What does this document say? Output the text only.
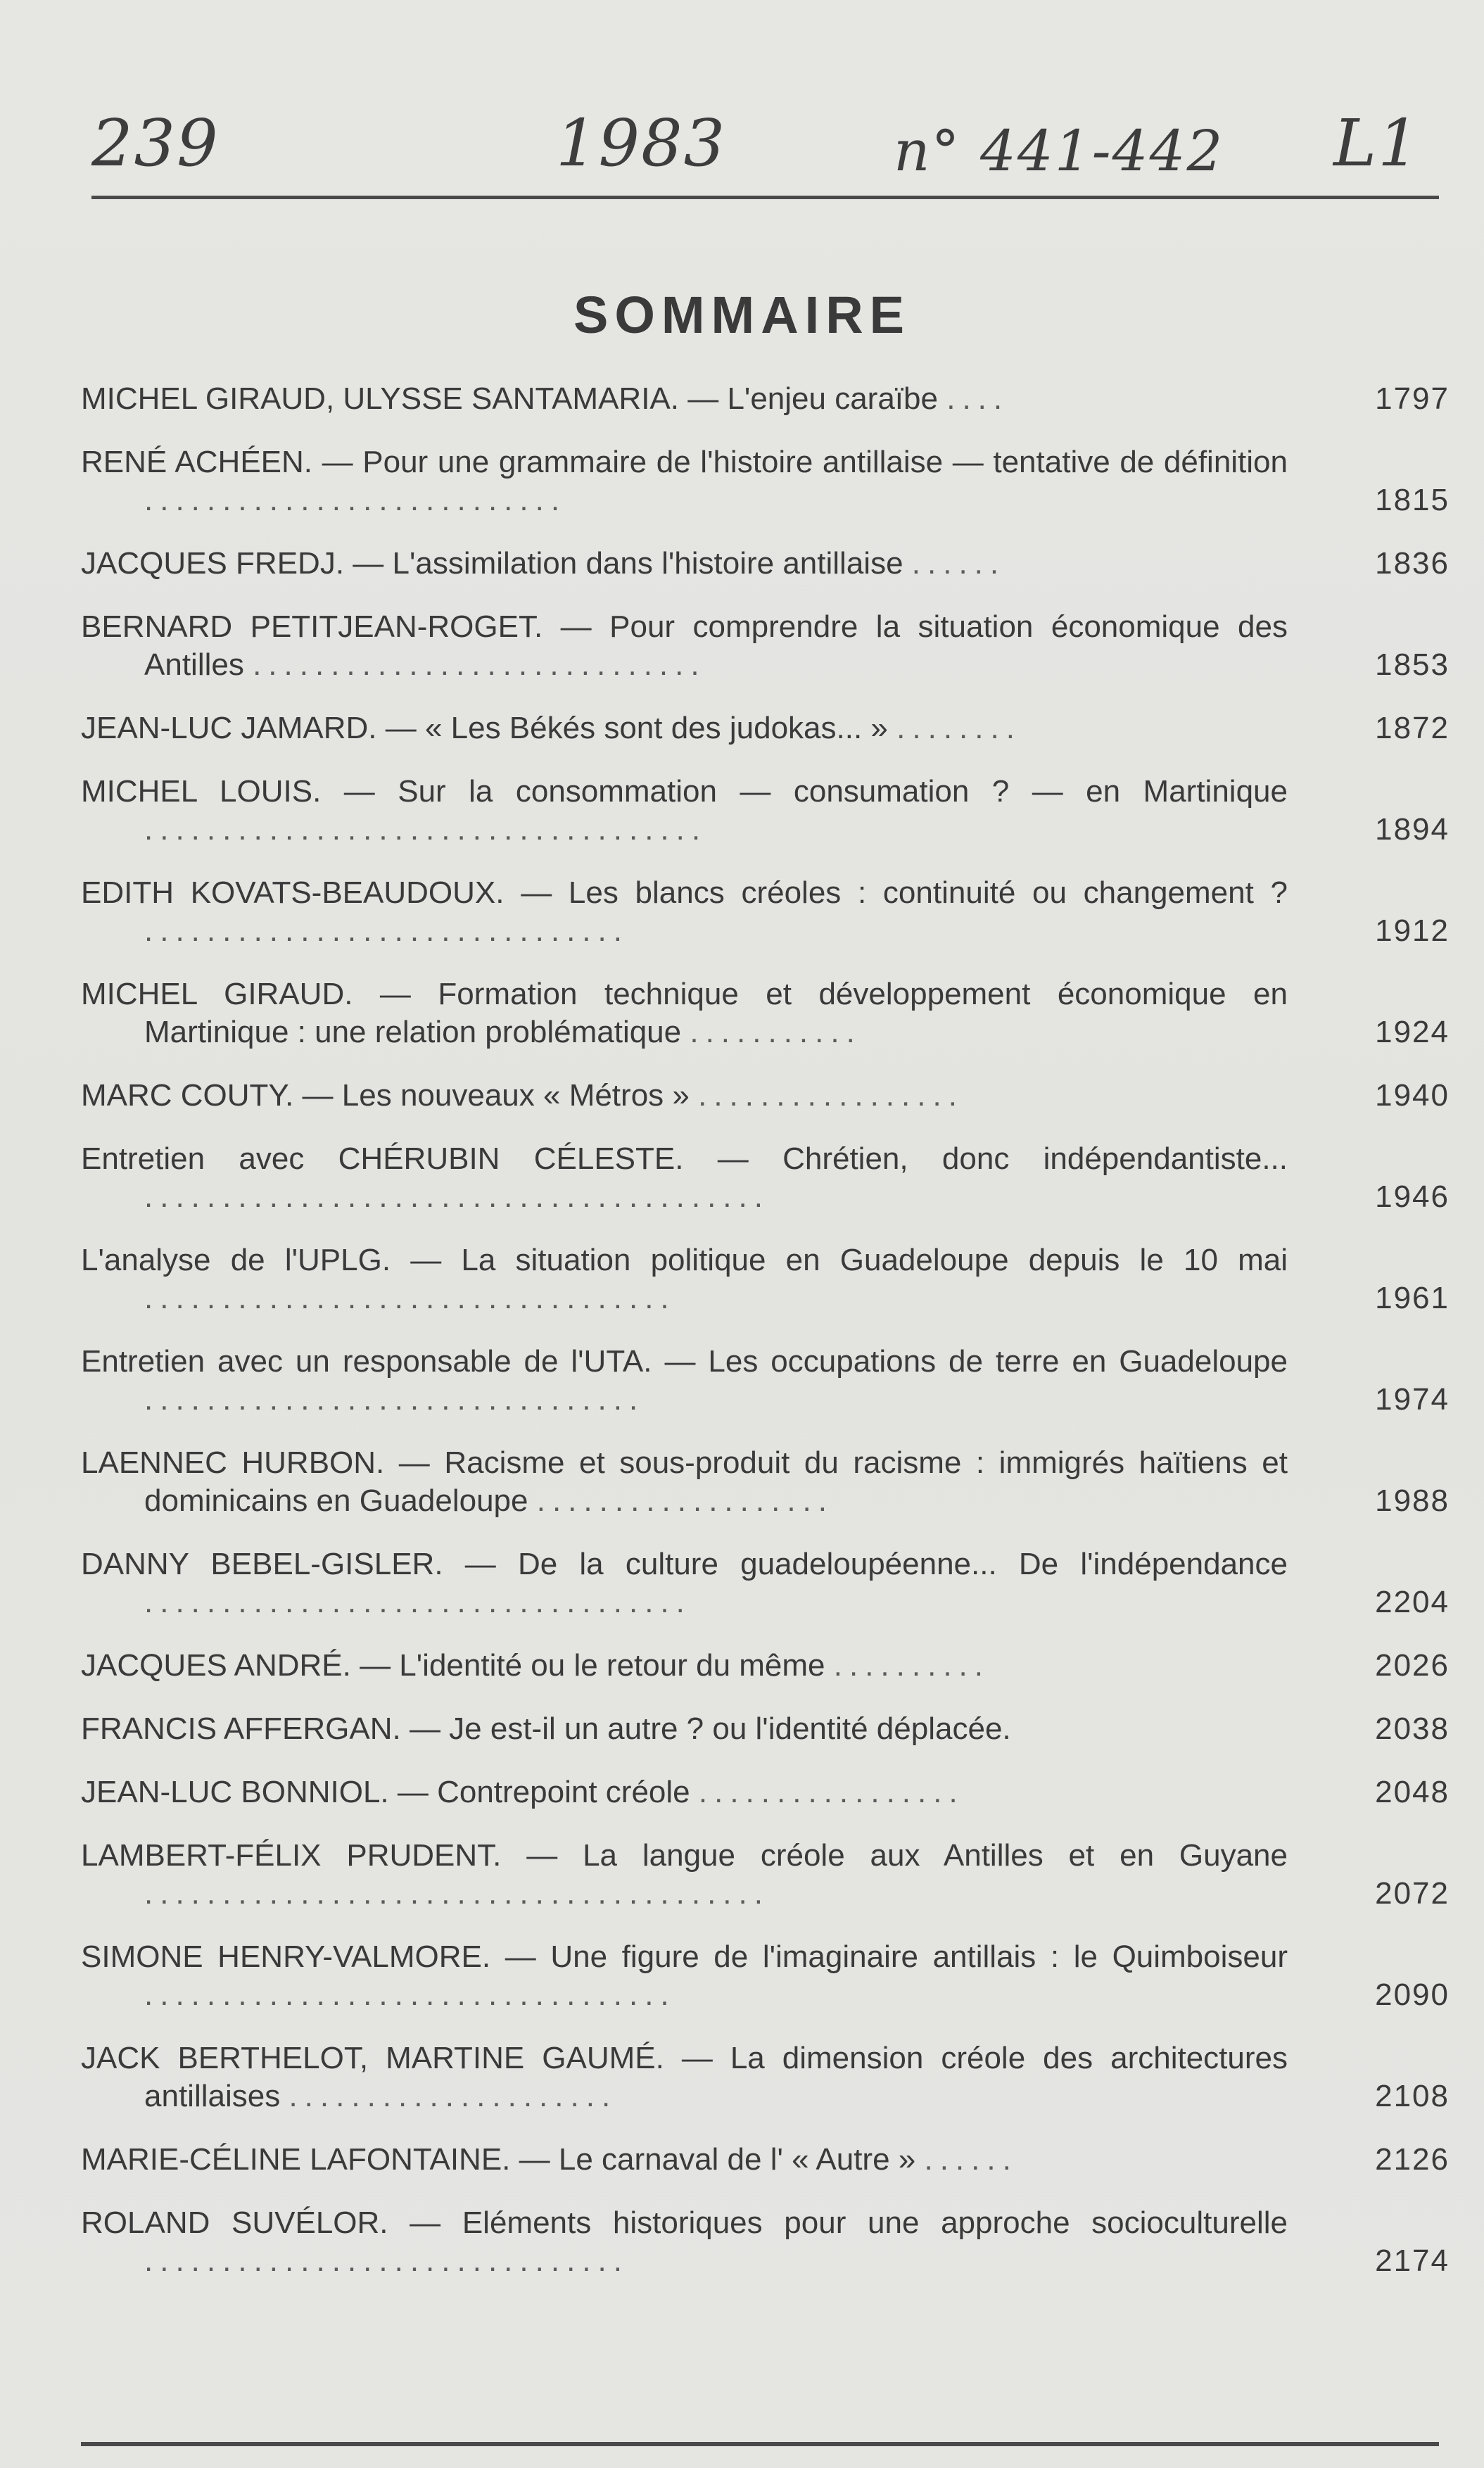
239	1983	n° 441-442 L1
SOMMAIRE
MICHEL GIRAUD, ULYSSE SANTAMARIA. — L'enjeu caraïbe ....	1797
RENÉ ACHÉEN. — Pour une grammaire de l'histoire antillaise — tentative de définition ...........................	1815
JACQUES FREDJ. — L'assimilation dans l'histoire antillaise ......	1836
BERNARD PETITJEAN-ROGET. — Pour comprendre la situation économique des Antilles .............................	1853
JEAN-LUC JAMARD. — « Les Békés sont des judokas... » ........	1872
MICHEL LOUIS. — Sur la consommation — consumation ? — en Martinique ....................................	1894
EDITH KOVATS-BEAUDOUX. — Les blancs créoles : continuité ou changement ? ...............................	1912
MICHEL GIRAUD. — Formation technique et développement économique en Martinique : une relation problématique ...........	1924
MARC COUTY. — Les nouveaux « Métros » .................	1940
Entretien avec CHÉRUBIN CÉLESTE. — Chrétien, donc indépendantiste... ........................................	1946
L'analyse de l'UPLG. — La situation politique en Guadeloupe depuis le 10 mai ..................................	1961
Entretien avec un responsable de l'UTA. — Les occupations de terre en Guadeloupe ................................	1974
LAENNEC HURBON. — Racisme et sous-produit du racisme : immigrés haïtiens et dominicains en Guadeloupe ...................	1988
DANNY BEBEL-GISLER. — De la culture guadeloupéenne... De l'indépendance ...................................	2204
JACQUES ANDRÉ. — L'identité ou le retour du même ..........	2026
FRANCIS AFFERGAN. — Je est-il un autre ? ou l'identité déplacée.	2038
JEAN-LUC BONNIOL. — Contrepoint créole .................	2048
LAMBERT-FÉLIX PRUDENT. — La langue créole aux Antilles et en Guyane ........................................	2072
SIMONE HENRY-VALMORE. — Une figure de l'imaginaire antillais : le Quimboiseur ..................................	2090
JACK BERTHELOT, MARTINE GAUMÉ. — La dimension créole des architectures antillaises .....................	2108
MARIE-CÉLINE LAFONTAINE. — Le carnaval de l' « Autre » ......	2126
ROLAND SUVÉLOR. — Eléments historiques pour une approche socioculturelle ...............................	2174
